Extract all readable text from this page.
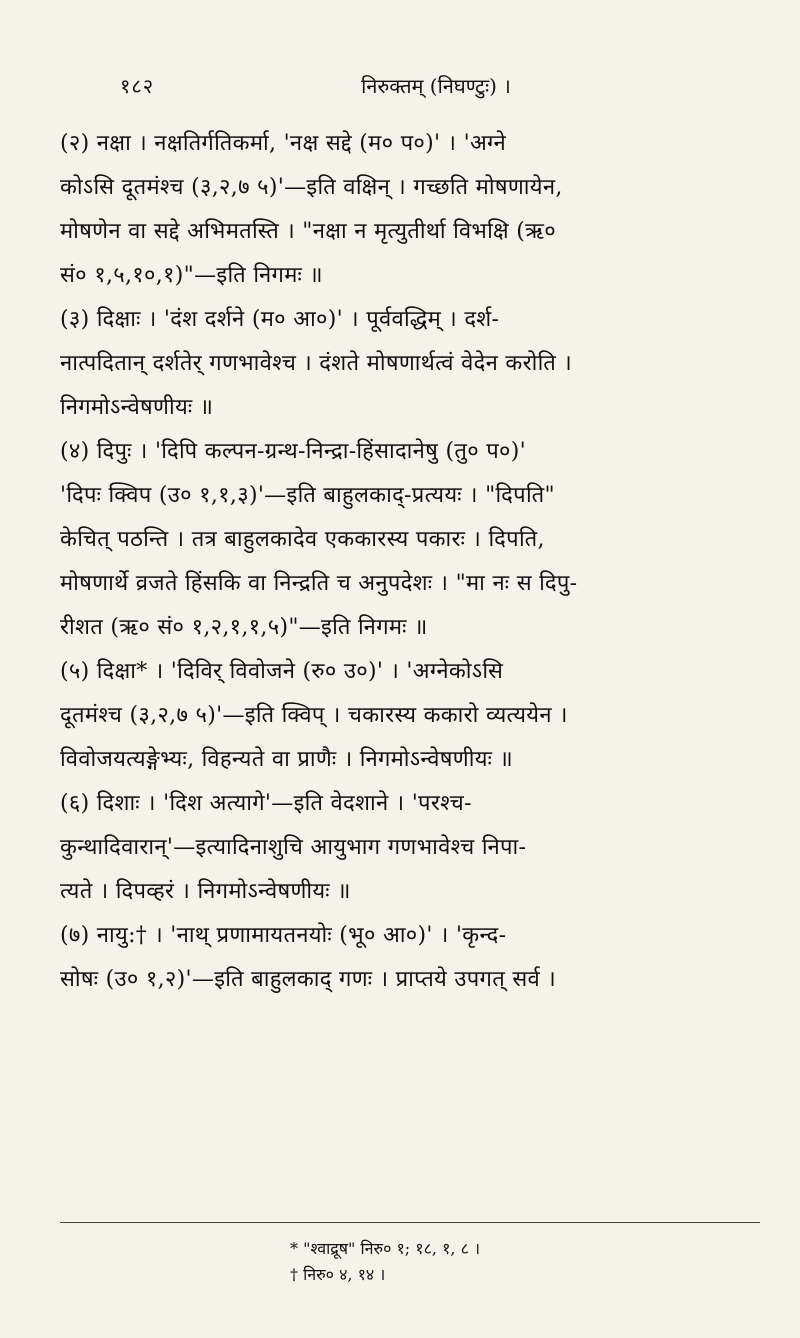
१८२	निरुक्तम् (निघण्टुः) ।

(२) नक्षा । नक्षतिर्गतिकर्मा, 'नक्ष सद्दे (म० प०)' । 'अग्ने
कोऽसि दूतमंश्च (३,२,७ ५)'—इति वक्षिन् । गच्छति मोषणायेन,
मोषणेन वा सद्दे अभिमतस्ति । "नक्षा न मृत्युतीर्था विभक्षि (ऋ०
सं० १,५,१०,१)"—इति निगमः ॥

(३) दिक्षाः । 'दंश दर्शने (म० आ०)' । पूर्ववद्धिम् । दर्श-
नात्पदितान् दर्शतेर् गणभावेश्च । दंशते मोषणार्थत्वं वेदेन करोति ।
निगमोऽन्वेषणीयः ॥

(४) दिपुः । 'दिपि कल्पन-ग्रन्थ-निन्द्रा-हिंसादानेषु (तु० प०)'
'दिपः क्विप (उ० १,१,३)'—इति बाहुलकाद्-प्रत्ययः । "दिपति"
केचित् पठन्ति । तत्र बाहुलकादेव एककारस्य पकारः । दिपति,
मोषणार्थे व्रजते हिंसकि वा निन्द्रति च अनुपदेशः । "मा नः स दिपु-
रीशत (ऋ० सं० १,२,१,१,५)"—इति निगमः ॥

(५) दिक्षा* । 'दिविर् विवोजने (रु० उ०)' । 'अग्नेकोऽसि
दूतमंश्च (३,२,७ ५)'—इति क्विप् । चकारस्य ककारो व्यत्ययेन ।
विवोजयत्यङ्गेभ्यः, विहन्यते वा प्राणैः । निगमोऽन्वेषणीयः ॥

(६) दिशाः । 'दिश अत्यागे'—इति वेदशाने । 'परश्च-
कुन्थादिवारान्'—इत्यादिनाशुचि आयुभाग गणभावेश्च निपा-
त्यते । दिपव्हरं । निगमोऽन्वेषणीयः ॥

(७) नायु:† । 'नाथ् प्रणामायतनयोः (भू० आ०)' । 'कृन्द-
सोषः (उ० १,२)'—इति बाहुलकाद् गणः । प्राप्तये उपगत् सर्व ।

* "श्वाद्रूष" निरु० १; १८, १, ८ ।
† निरु० ४, १४ ।
